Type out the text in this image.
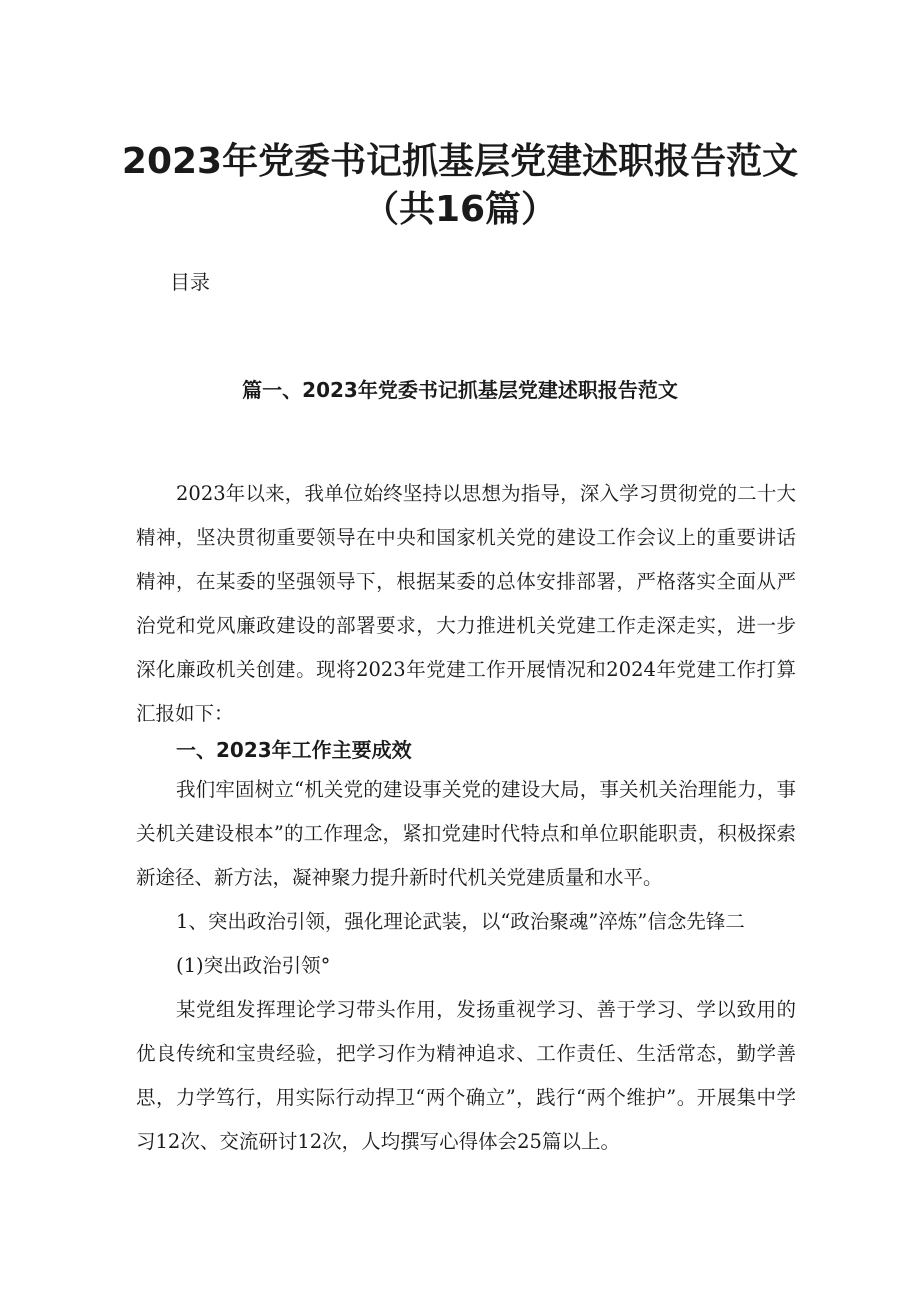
2023年党委书记抓基层党建述职报告范文
（共16篇）
目录
篇一、2023年党委书记抓基层党建述职报告范文

2023年以来，我单位始终坚持以思想为指导，深入学习贯彻党的二十大精神，坚决贯彻重要领导在中央和国家机关党的建设工作会议上的重要讲话精神，在某委的坚强领导下，根据某委的总体安排部署，严格落实全面从严治党和党风廉政建设的部署要求，大力推进机关党建工作走深走实，进一步深化廉政机关创建。现将2023年党建工作开展情况和2024年党建工作打算汇报如下：

一、2023年工作主要成效

我们牢固树立“机关党的建设事关党的建设大局，事关机关治理能力，事关机关建设根本”的工作理念，紧扣党建时代特点和单位职能职责，积极探索新途径、新方法，凝神聚力提升新时代机关党建质量和水平。

1、突出政治引领，强化理论武装，以“政治聚魂”淬炼”信念先锋二

(1)突出政治引领°

某党组发挥理论学习带头作用，发扬重视学习、善于学习、学以致用的优良传统和宝贵经验，把学习作为精神追求、工作责任、生活常态，勤学善思，力学笃行，用实际行动捍卫“两个确立”，践行“两个维护”。开展集中学习12次、交流研讨12次，人均撰写心得体会25篇以上。
